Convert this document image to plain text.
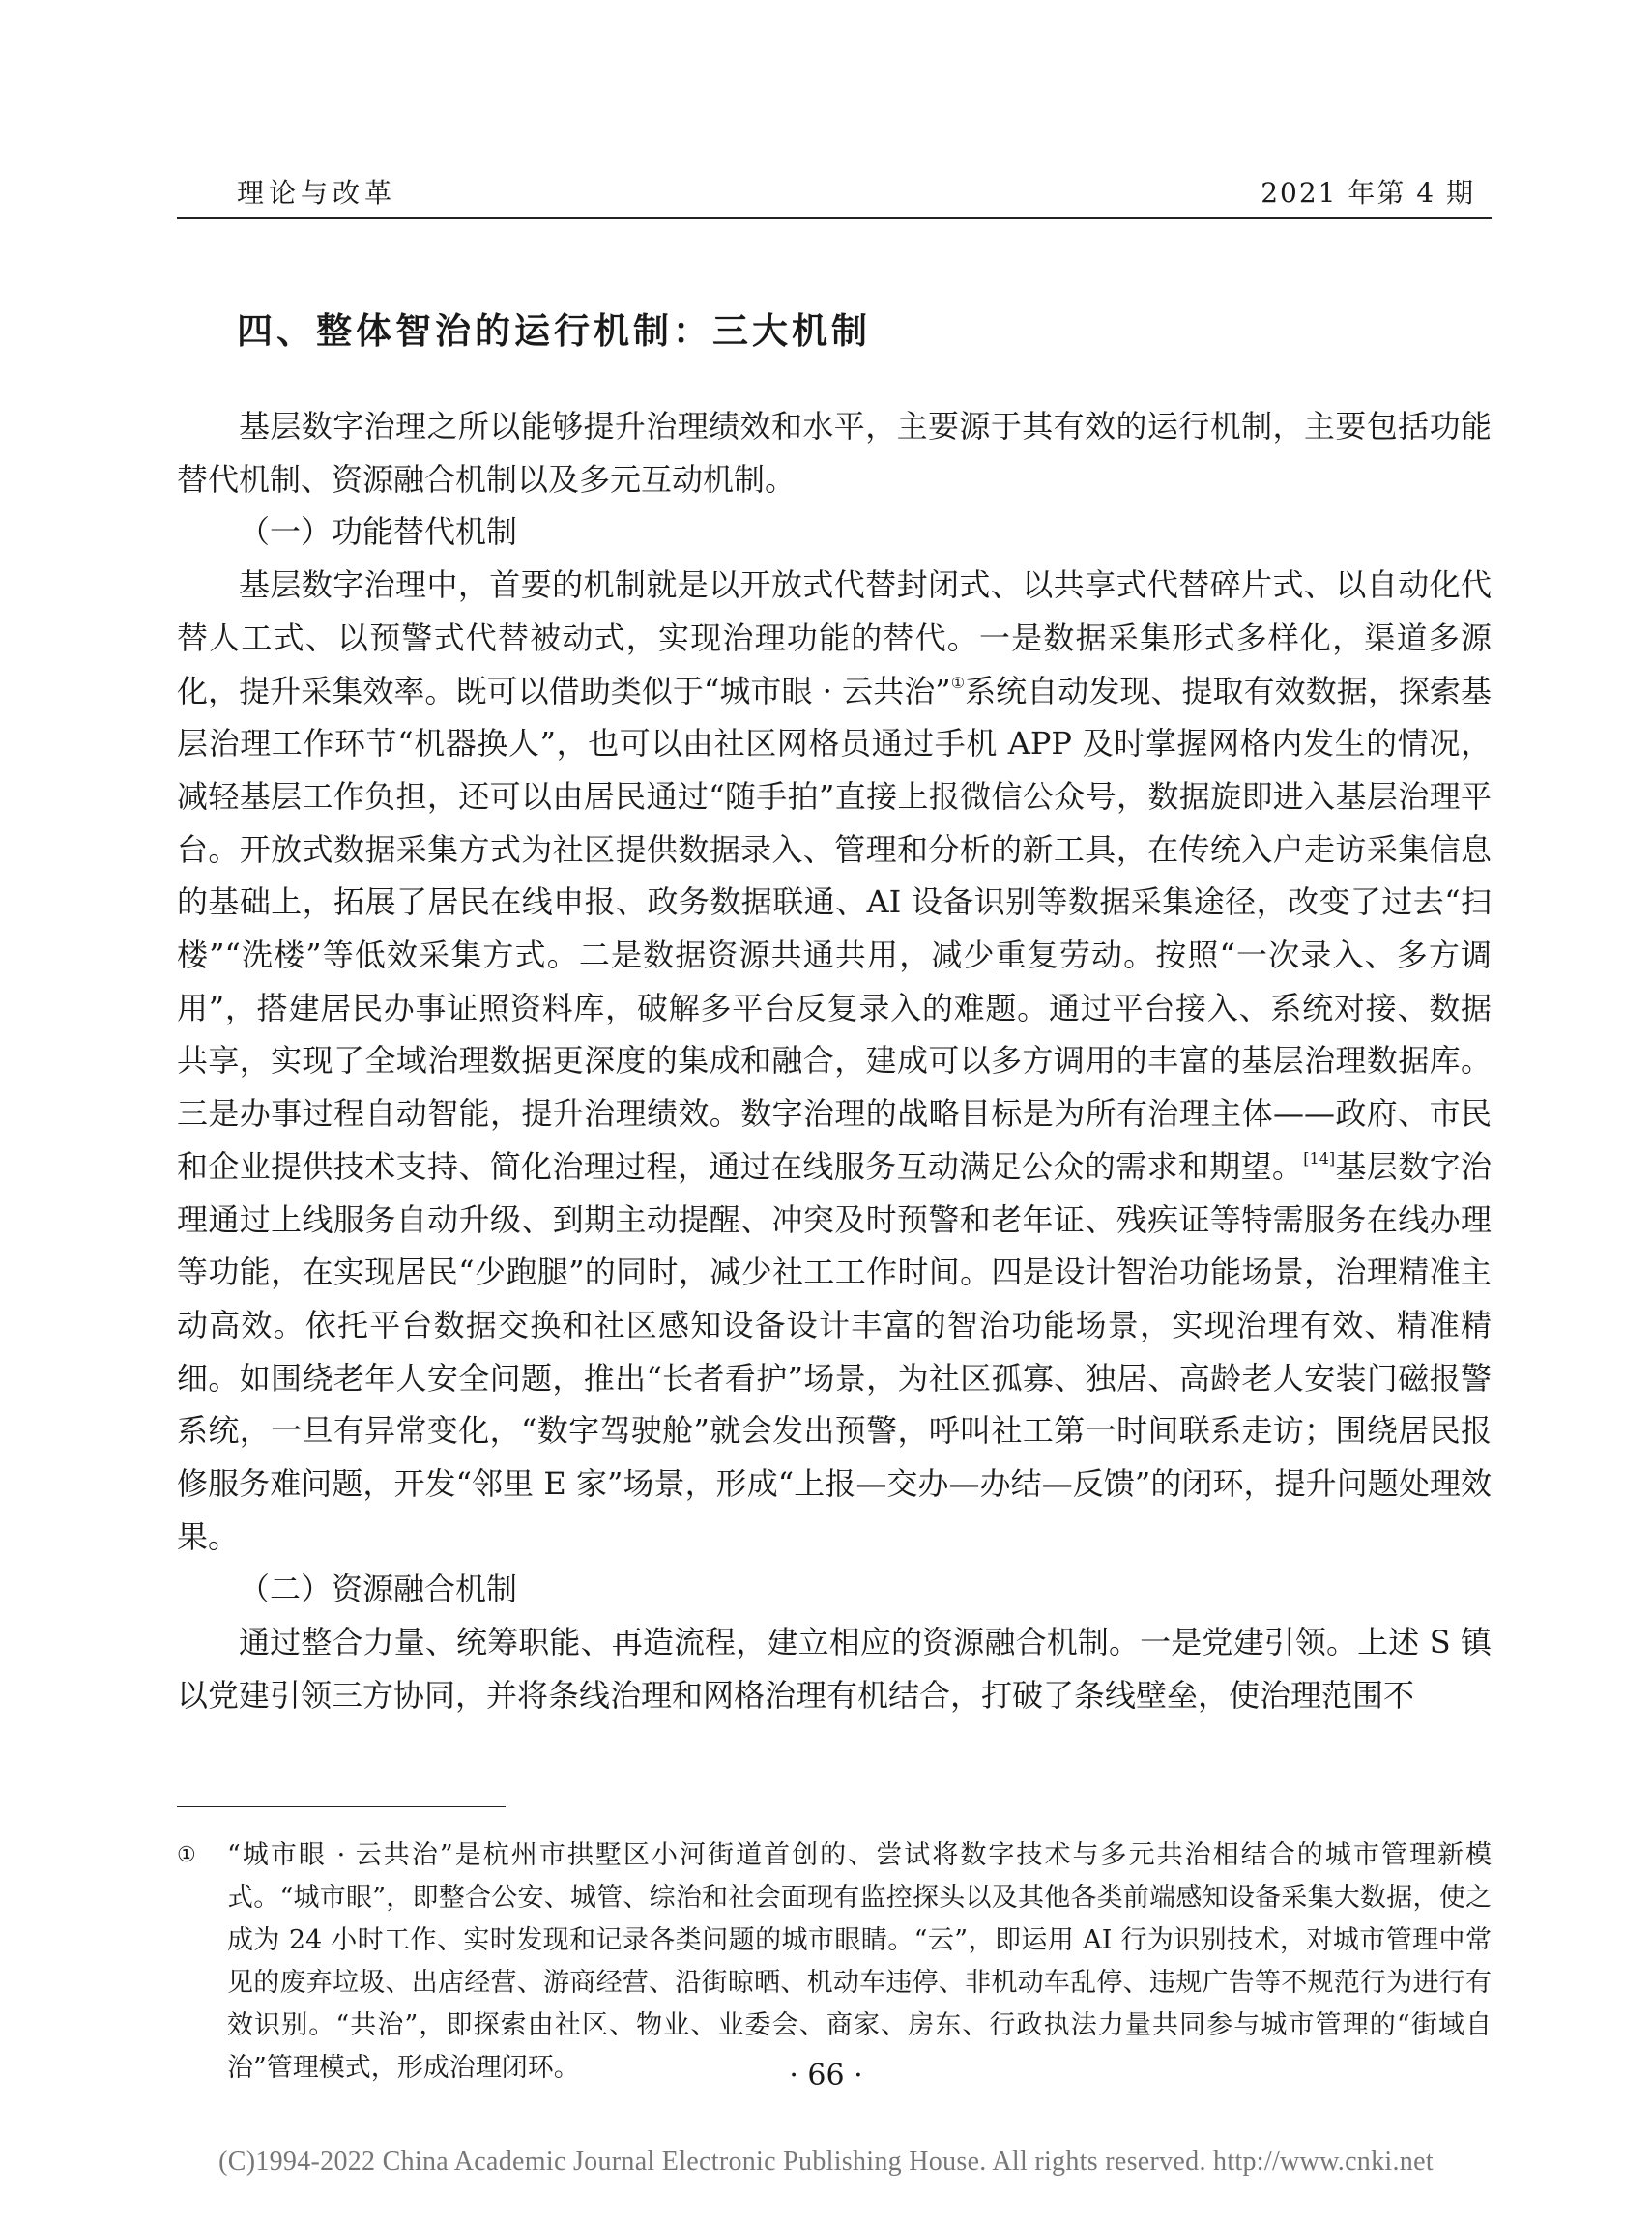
理论与改革	2021 年第 4 期
四、整体智治的运行机制：三大机制

基层数字治理之所以能够提升治理绩效和水平，主要源于其有效的运行机制，主要包括功能替代机制、资源融合机制以及多元互动机制。

（一）功能替代机制

基层数字治理中，首要的机制就是以开放式代替封闭式、以共享式代替碎片式、以自动化代替人工式、以预警式代替被动式，实现治理功能的替代。一是数据采集形式多样化，渠道多源化，提升采集效率。既可以借助类似于“城市眼 · 云共治”①系统自动发现、提取有效数据，探索基层治理工作环节“机器换人”，也可以由社区网格员通过手机 APP 及时掌握网格内发生的情况，减轻基层工作负担，还可以由居民通过“随手拍”直接上报微信公众号，数据旋即进入基层治理平台。开放式数据采集方式为社区提供数据录入、管理和分析的新工具，在传统入户走访采集信息的基础上，拓展了居民在线申报、政务数据联通、AI 设备识别等数据采集途径，改变了过去“扫楼”“洗楼”等低效采集方式。二是数据资源共通共用，减少重复劳动。按照“一次录入、多方调用”，搭建居民办事证照资料库，破解多平台反复录入的难题。通过平台接入、系统对接、数据共享，实现了全域治理数据更深度的集成和融合，建成可以多方调用的丰富的基层治理数据库。三是办事过程自动智能，提升治理绩效。数字治理的战略目标是为所有治理主体——政府、市民和企业提供技术支持、简化治理过程，通过在线服务互动满足公众的需求和期望。[14]基层数字治理通过上线服务自动升级、到期主动提醒、冲突及时预警和老年证、残疾证等特需服务在线办理等功能，在实现居民“少跑腿”的同时，减少社工工作时间。四是设计智治功能场景，治理精准主动高效。依托平台数据交换和社区感知设备设计丰富的智治功能场景，实现治理有效、精准精细。如围绕老年人安全问题，推出“长者看护”场景，为社区孤寡、独居、高龄老人安装门磁报警系统，一旦有异常变化，“数字驾驶舱”就会发出预警，呼叫社工第一时间联系走访；围绕居民报修服务难问题，开发“邻里 E 家”场景，形成“上报—交办—办结—反馈”的闭环，提升问题处理效果。

（二）资源融合机制

通过整合力量、统筹职能、再造流程，建立相应的资源融合机制。一是党建引领。上述 S 镇以党建引领三方协同，并将条线治理和网格治理有机结合，打破了条线壁垒，使治理范围不

①	“城市眼 · 云共治”是杭州市拱墅区小河街道首创的、尝试将数字技术与多元共治相结合的城市管理新模式。“城市眼”，即整合公安、城管、综治和社会面现有监控探头以及其他各类前端感知设备采集大数据，使之成为 24 小时工作、实时发现和记录各类问题的城市眼睛。“云”，即运用 AI 行为识别技术，对城市管理中常见的废弃垃圾、出店经营、游商经营、沿街晾晒、机动车违停、非机动车乱停、违规广告等不规范行为进行有效识别。“共治”，即探索由社区、物业、业委会、商家、房东、行政执法力量共同参与城市管理的“街域自治”管理模式，形成治理闭环。	· 66 ·
(C)1994-2022 China Academic Journal Electronic Publishing House. All rights reserved. http://www.cnki.net
